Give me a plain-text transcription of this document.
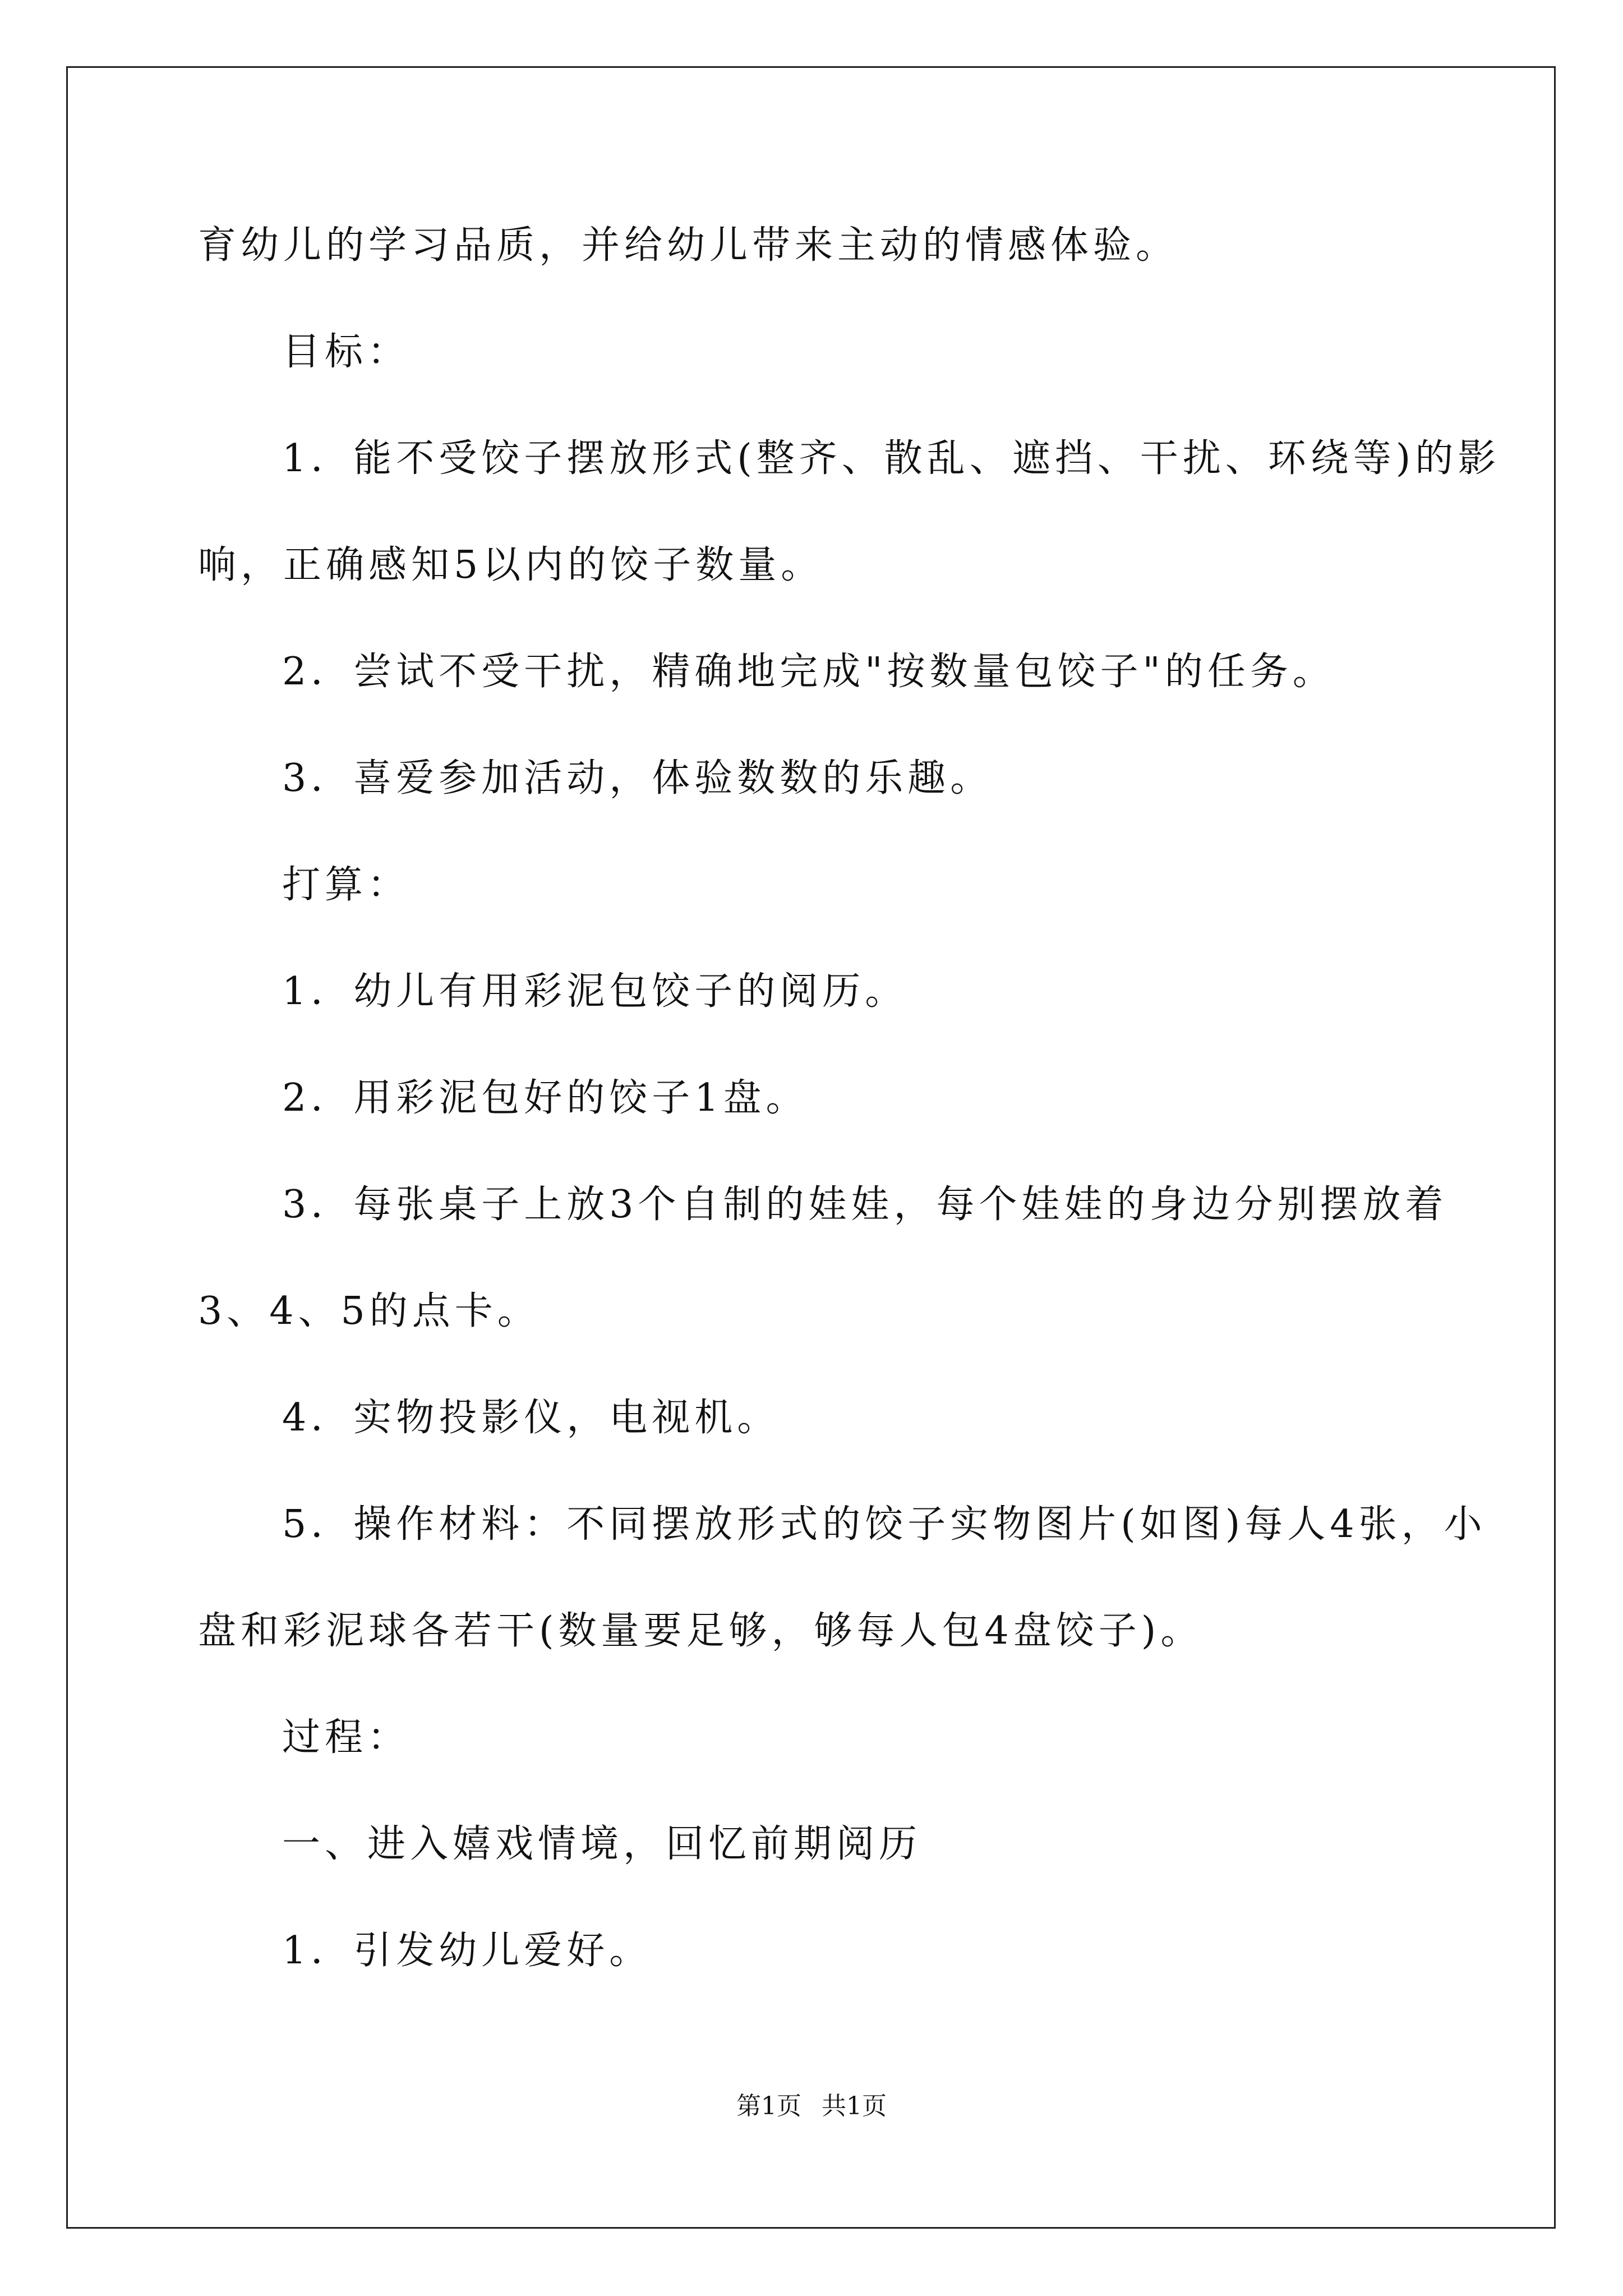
育幼儿的学习品质，并给幼儿带来主动的情感体验。
目标：
1．能不受饺子摆放形式(整齐、散乱、遮挡、干扰、环绕等)的影
响，正确感知5以内的饺子数量。
2．尝试不受干扰，精确地完成"按数量包饺子"的任务。
3．喜爱参加活动，体验数数的乐趣。
打算：
1．幼儿有用彩泥包饺子的阅历。
2．用彩泥包好的饺子1盘。
3．每张桌子上放3个自制的娃娃，每个娃娃的身边分别摆放着
3、4、5的点卡。
4．实物投影仪，电视机。
5．操作材料：不同摆放形式的饺子实物图片(如图)每人4张，小
盘和彩泥球各若干(数量要足够，够每人包4盘饺子)。
过程：
一、进入嬉戏情境，回忆前期阅历
1．引发幼儿爱好。
第1页 共1页
